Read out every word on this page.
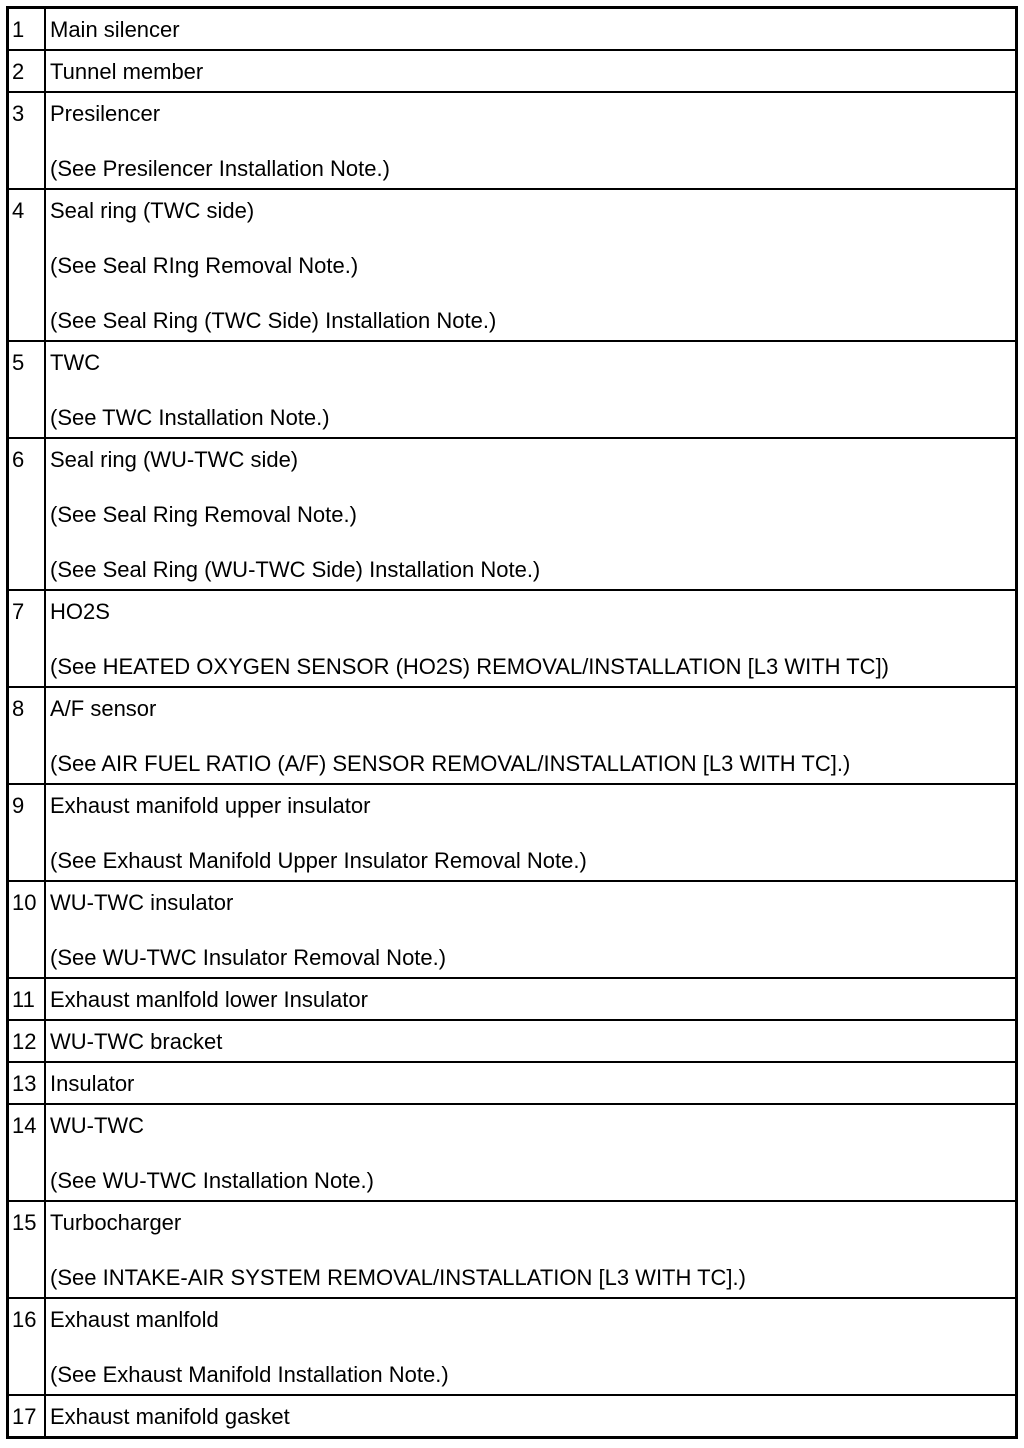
1	Main silencer

2	Tunnel member

3	Presilencer
(See Presilencer Installation Note.)

4	Seal ring (TWC side)
(See Seal RIng Removal Note.)
(See Seal Ring (TWC Side) Installation Note.)

5	TWC
(See TWC Installation Note.)

6	Seal ring (WU-TWC side)
(See Seal Ring Removal Note.)
(See Seal Ring (WU-TWC Side) Installation Note.)

7	HO2S
(See HEATED OXYGEN SENSOR (HO2S) REMOVAL/INSTALLATION [L3 WITH TC])

8	A/F sensor
(See AIR FUEL RATIO (A/F) SENSOR REMOVAL/INSTALLATION [L3 WITH TC].)

9	Exhaust manifold upper insulator
(See Exhaust Manifold Upper Insulator Removal Note.)

10	WU-TWC insulator
(See WU-TWC Insulator Removal Note.)

11	Exhaust manlfold lower Insulator

12	WU-TWC bracket

13	Insulator

14	WU-TWC
(See WU-TWC Installation Note.)

15	Turbocharger
(See INTAKE-AIR SYSTEM REMOVAL/INSTALLATION [L3 WITH TC].)

16	Exhaust manlfold
(See Exhaust Manifold Installation Note.)

17	Exhaust manifold gasket
